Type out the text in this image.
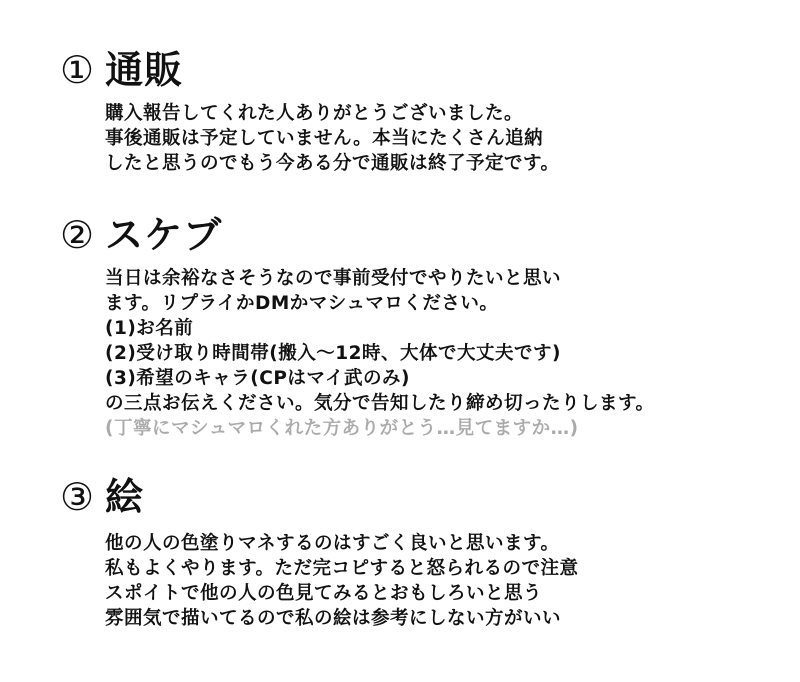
① 通販

購入報告してくれた人ありがとうございました。

事後通販は予定していません。本当にたくさん追納

したと思うのでもう今ある分で通販は終了予定です。

② スケブ

当日は余裕なさそうなので事前受付でやりたいと思い

ます。リプライかDMかマシュマロください。

(1)お名前

(2)受け取り時間帯(搬入～12時、大体で大丈夫です)

(3)希望のキャラ(CPはマイ武のみ)

の三点お伝えください。気分で告知したり締め切ったりします。

(丁寧にマシュマロくれた方ありがとう…見てますか…)

③ 絵

他の人の色塗りマネするのはすごく良いと思います。

私もよくやります。ただ完コピすると怒られるので注意

スポイトで他の人の色見てみるとおもしろいと思う

雰囲気で描いてるので私の絵は参考にしない方がいい
